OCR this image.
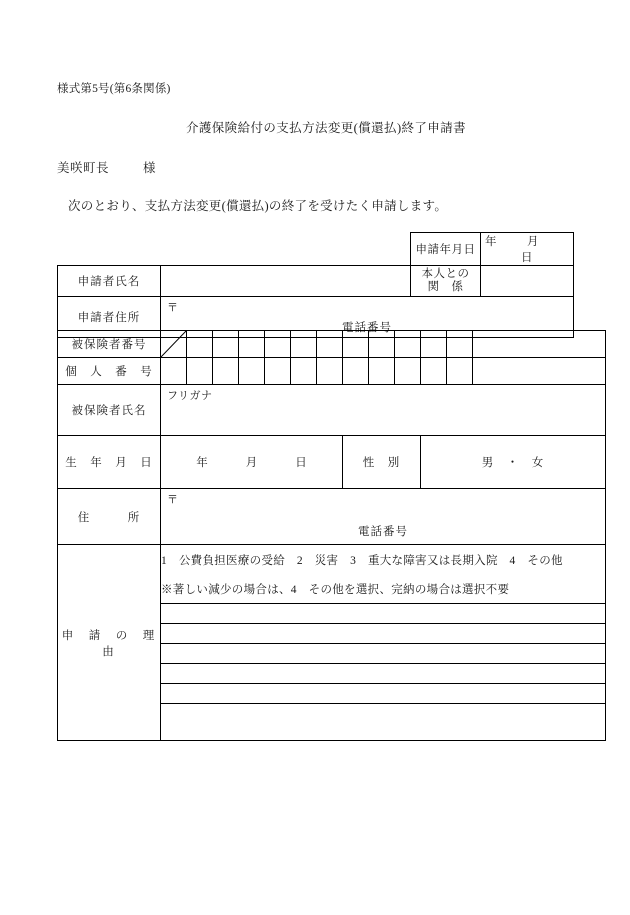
様式第5号(第6条関係)
介護保険給付の支払方法変更(償還払)終了申請書
美咲町長	様
次のとおり、支払方法変更(償還払)の終了を受けたく申請します。
		申請年月日	年 月日
申請者氏名		本人との
関　係	

申請者住所	〒
電話番号		
被保険者番号	

個　人　番　号													
被保険者氏名	フリガナ												

生　年　月　日	年 月 日							性　別			男　・　女		
住　　　所	〒
電話番号												

申　請　の　理　由	1　公費負担医療の受給　2　災害　3　重大な障害又は長期入院　4　その他												
	※著しい減少の場合は、4　その他を選択、完納の場合は選択不要												
